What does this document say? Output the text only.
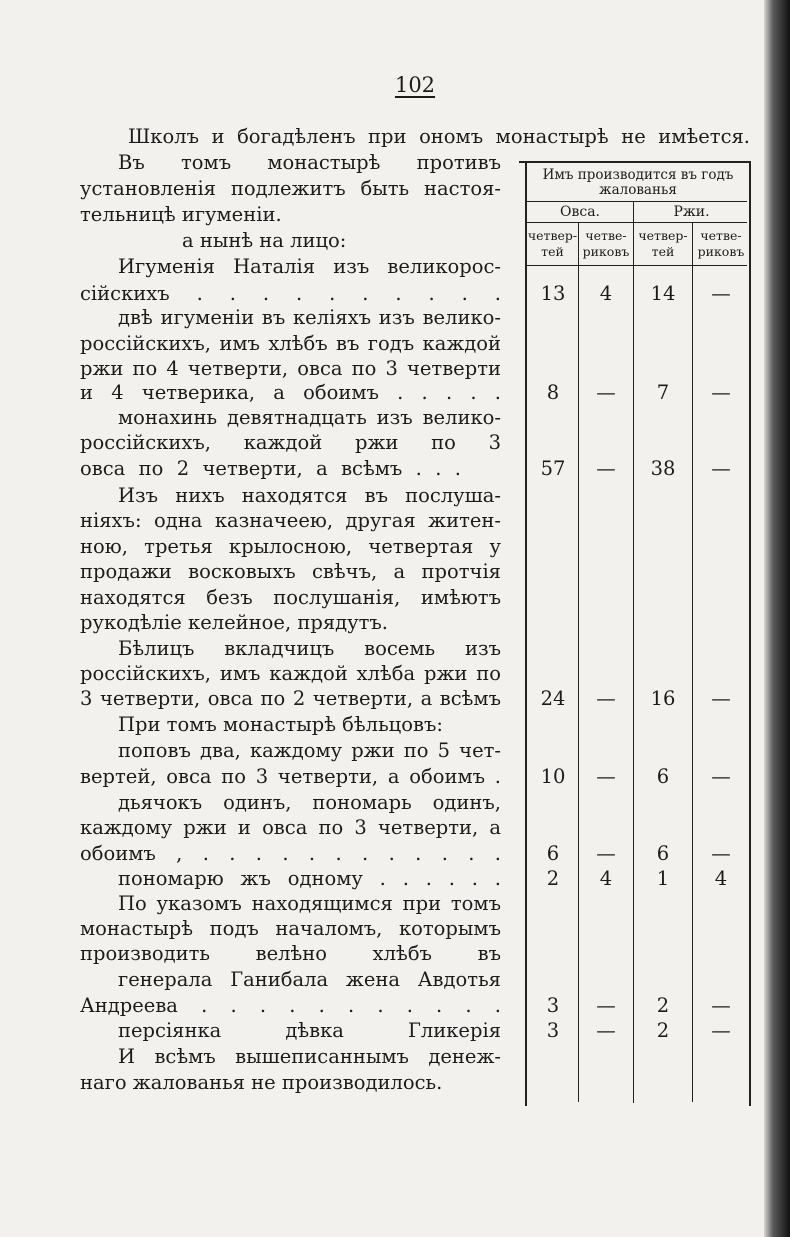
102
Школъ и богадѣленъ при ономъ монастырѣ не имѣется.
Въ томъ монастырѣ противъ
установленія подлежитъ быть настоя-
тельницѣ игуменіи.
а нынѣ на лицо:
Игуменія Наталія изъ великорос-
сійскихъ . . . . . . . . . .
двѣ игуменіи въ келіяхъ изъ велико-
россійскихъ, имъ хлѣбъ въ годъ каждой
ржи по 4 четверти, овса по 3 четверти
и 4 четверика, а обоимъ . . . . .
монахинь девятнадцать изъ велико-
россійскихъ, каждой ржи по 3
овса по 2 четверти, а всѣмъ . . .
Изъ нихъ находятся въ послуша-
ніяхъ: одна казначеею, другая житен-
ною, третья крылосною, четвертая у
продажи восковыхъ свѣчъ, а протчія
находятся безъ послушанія, имѣютъ
рукодѣліе келейное, прядутъ.
Бѣлицъ вкладчицъ восемь изъ
россійскихъ, имъ каждой хлѣба ржи по
3 четверти, овса по 2 четверти, а всѣмъ
При томъ монастырѣ бѣльцовъ:
поповъ два, каждому ржи по 5 чет-
вертей, овса по 3 четверти, а обоимъ .
дьячокъ одинъ, пономарь одинъ,
каждому ржи и овса по 3 четверти, а
обоимъ , . . . . . . . . . . . .
пономарю жъ одному . . . . . .
По указомъ находящимся при томъ
монастырѣ подъ началомъ, которымъ
производить велѣно хлѣбъ въ
генерала Ганибала жена Авдотья
Андреева . . . . . . . . . . .
персіянка дѣвка Гликерія
И всѣмъ вышеписаннымъ денеж-
наго жалованья не производилось.
Имъ производится въ годъ жалованья
Овса.	Ржи.
четвер-
тей
четве-
риковъ
четвер-
тей
четве-
риковъ
13	4	14	—
8	—	7	—
57	—	38	—
24	—	16	—
10	—	6	—
6	—	6	—
2	4	1	4
3	—	2	—
3	—	2	—
